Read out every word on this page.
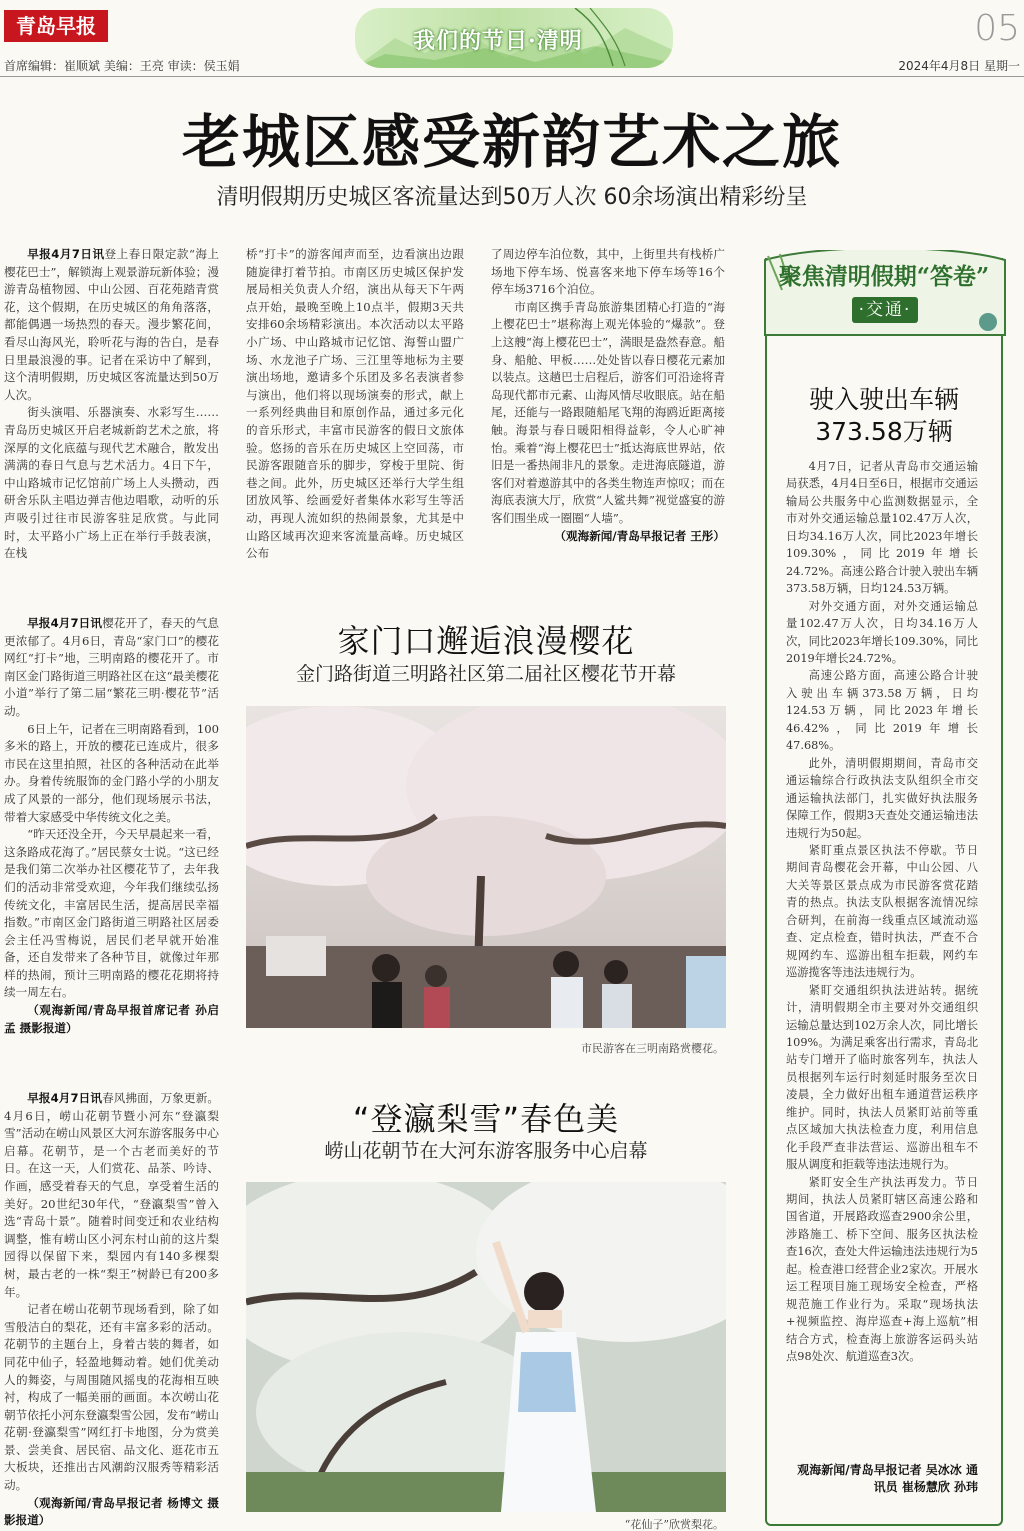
青岛早报
我们的节日·清明	05
首席编辑：崔顺斌 美编：王亮 审读：侯玉娟	2024年4月8日 星期一
老城区感受新韵艺术之旅
清明假期历史城区客流量达到50万人次 60余场演出精彩纷呈

早报4月7日讯登上春日限定款“海上樱花巴士”，解锁海上观景游玩新体验；漫游青岛植物园、中山公园、百花苑踏青赏花，这个假期，在历史城区的角角落落，都能偶遇一场热烈的春天。漫步繁花间，看尽山海风光，聆听花与海的告白，是春日里最浪漫的事。记者在采访中了解到，这个清明假期，历史城区客流量达到50万人次。

街头演唱、乐器演奏、水彩写生……青岛历史城区开启老城新韵艺术之旅，将深厚的文化底蕴与现代艺术融合，散发出满满的春日气息与艺术活力。4日下午，中山路城市记忆馆前广场上人头攒动，西研舍乐队主唱边弹吉他边唱歌，动听的乐声吸引过往市民游客驻足欣赏。与此同时，太平路小广场上正在举行手鼓表演，在栈

桥“打卡”的游客闻声而至，边看演出边跟随旋律打着节拍。市南区历史城区保护发展局相关负责人介绍，演出从每天下午两点开始，最晚至晚上10点半，假期3天共安排60余场精彩演出。本次活动以太平路小广场、中山路城市记忆馆、海誓山盟广场、水龙池子广场、三江里等地标为主要演出场地，邀请多个乐团及多名表演者参与演出，他们将以现场演奏的形式，献上一系列经典曲目和原创作品，通过多元化的音乐形式，丰富市民游客的假日文旅体验。悠扬的音乐在历史城区上空回荡，市民游客跟随音乐的脚步，穿梭于里院、街巷之间。此外，历史城区还举行大学生组团放风筝、绘画爱好者集体水彩写生等活动，再现人流如织的热闹景象，尤其是中山路区域再次迎来客流量高峰。历史城区公布

了周边停车泊位数，其中，上街里共有栈桥广场地下停车场、悦喜客来地下停车场等16个停车场3716个泊位。

市南区携手青岛旅游集团精心打造的“海上樱花巴士”堪称海上观光体验的“爆款”。登上这艘“海上樱花巴士”，满眼是盎然春意。船身、船舱、甲板……处处皆以春日樱花元素加以装点。这趟巴士启程后，游客们可沿途将青岛现代都市元素、山海风情尽收眼底。站在船尾，还能与一路跟随船尾飞翔的海鸥近距离接触。海景与春日暖阳相得益彰，令人心旷神怡。乘着“海上樱花巴士”抵达海底世界站，依旧是一番热闹非凡的景象。走进海底隧道，游客们对着遨游其中的各类生物连声惊叹；而在海底表演大厅，欣赏“人鲨共舞”视觉盛宴的游客们围坐成一圈圈“人墙”。

（观海新闻/青岛早报记者 王彤）

家门口邂逅浪漫樱花
金门路街道三明路社区第二届社区樱花节开幕

早报4月7日讯樱花开了，春天的气息更浓郁了。4月6日，青岛“家门口”的樱花网红“打卡”地，三明南路的樱花开了。市南区金门路街道三明路社区在这“最美樱花小道”举行了第二届“繁花三明·樱花节”活动。

6日上午，记者在三明南路看到，100多米的路上，开放的樱花已连成片，很多市民在这里拍照，社区的各种活动在此举办。身着传统服饰的金门路小学的小朋友成了风景的一部分，他们现场展示书法，带着大家感受中华传统文化之美。

“昨天还没全开，今天早晨起来一看，这条路成花海了。”居民蔡女士说。“这已经是我们第二次举办社区樱花节了，去年我们的活动非常受欢迎，今年我们继续弘扬传统文化，丰富居民生活，提高居民幸福指数。”市南区金门路街道三明路社区居委会主任冯雪梅说，居民们老早就开始准备，还自发带来了各种节目，就像过年那样的热闹，预计三明南路的樱花花期将持续一周左右。

（观海新闻/青岛早报首席记者 孙启孟 摄影报道）

市民游客在三明南路赏樱花。
“登瀛梨雪”春色美
崂山花朝节在大河东游客服务中心启幕

早报4月7日讯春风拂面，万象更新。4月6日，崂山花朝节暨小河东“登瀛梨雪”活动在崂山风景区大河东游客服务中心启幕。花朝节，是一个古老而美好的节日。在这一天，人们赏花、品茶、吟诗、作画，感受着春天的气息，享受着生活的美好。20世纪30年代，“登瀛梨雪”曾入选“青岛十景”。随着时间变迁和农业结构调整，惟有崂山区小河东村山前的这片梨园得以保留下来，梨园内有140多棵梨树，最古老的一株“梨王”树龄已有200多年。

记者在崂山花朝节现场看到，除了如雪般洁白的梨花，还有丰富多彩的活动。花朝节的主题台上，身着古装的舞者，如同花中仙子，轻盈地舞动着。她们优美动人的舞姿，与周围随风摇曳的花海相互映衬，构成了一幅美丽的画面。本次崂山花朝节依托小河东登瀛梨雪公园，发布“崂山花朝·登瀛梨雪”网红打卡地图，分为赏美景、尝美食、居民宿、品文化、逛花市五大板块，还推出古风潮韵汉服秀等精彩活动。

（观海新闻/青岛早报记者 杨博文 摄影报道）	“花仙子”欣赏梨花。
聚焦清明假期“答卷”
·交通·
驶入驶出车辆
373.58万辆

4月7日，记者从青岛市交通运输局获悉，4月4日至6日，根据市交通运输局公共服务中心监测数据显示，全市对外交通运输总量102.47万人次，日均34.16万人次，同比2023年增长109.30%，同比2019年增长24.72%。高速公路合计驶入驶出车辆373.58万辆，日均124.53万辆。

对外交通方面，对外交通运输总量102.47万人次，日均34.16万人次，同比2023年增长109.30%，同比2019年增长24.72%。

高速公路方面，高速公路合计驶入驶出车辆373.58万辆，日均124.53万辆，同比2023年增长46.42%，同比2019年增长47.68%。

此外，清明假期期间，青岛市交通运输综合行政执法支队组织全市交通运输执法部门，扎实做好执法服务保障工作，假期3天查处交通运输违法违规行为50起。

紧盯重点景区执法不停歇。节日期间青岛樱花会开幕，中山公园、八大关等景区景点成为市民游客赏花踏青的热点。执法支队根据客流情况综合研判，在前海一线重点区域流动巡查、定点检查，错时执法，严查不合规网约车、巡游出租车拒载，网约车巡游揽客等违法违规行为。

紧盯交通组织执法进站转。据统计，清明假期全市主要对外交通组织运输总量达到102万余人次，同比增长109%。为满足乘客出行需求，青岛北站专门增开了临时旅客列车，执法人员根据列车运行时刻延时服务至次日凌晨，全力做好出租车通道营运秩序维护。同时，执法人员紧盯站前等重点区域加大执法检查力度，利用信息化手段严查非法营运、巡游出租车不服从调度和拒载等违法违规行为。

紧盯安全生产执法再发力。节日期间，执法人员紧盯辖区高速公路和国省道，开展路政巡查2900余公里，涉路施工、桥下空间、服务区执法检查16次，查处大件运输违法违规行为5起。检查港口经营企业2家次。开展水运工程项目施工现场安全检查，严格规范施工作业行为。采取“现场执法+视频监控、海岸巡查+海上巡航”相结合方式，检查海上旅游客运码头站点98处次、航道巡查3次。

观海新闻/青岛早报记者 吴冰冰 通讯员 崔杨慧欣 孙玮
